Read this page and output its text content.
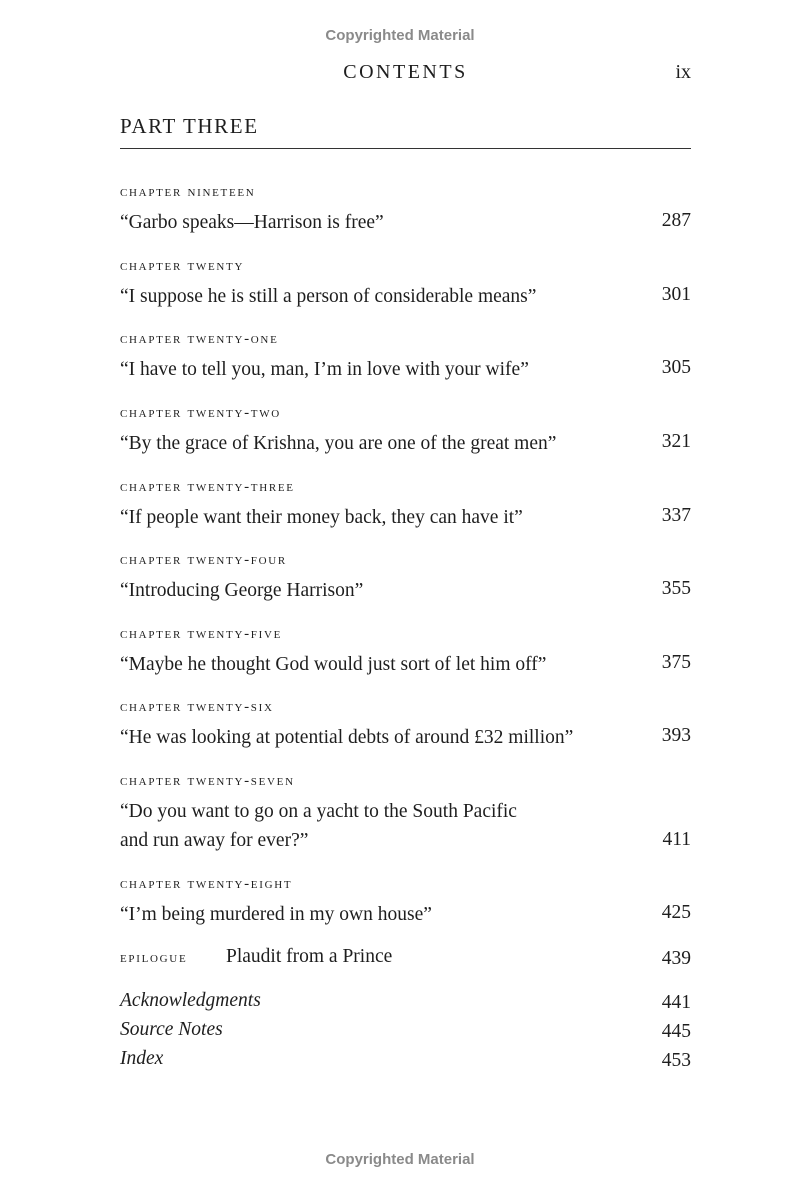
Copyrighted Material
CONTENTS	ix
PART THREE
chapter nineteen
“Garbo speaks—Harrison is free”	287
chapter twenty
“I suppose he is still a person of considerable means”	301
chapter twenty-one
“I have to tell you, man, I’m in love with your wife”	305
chapter twenty-two
“By the grace of Krishna, you are one of the great men”	321
chapter twenty-three
“If people want their money back, they can have it”	337
chapter twenty-four
“Introducing George Harrison”	355
chapter twenty-five
“Maybe he thought God would just sort of let him off”	375
chapter twenty-six
“He was looking at potential debts of around £32 million”	393
chapter twenty-seven
“Do you want to go on a yacht to the South Pacific
and run away for ever?”	411
chapter twenty-eight
“I’m being murdered in my own house”	425
epilogue Plaudit from a Prince	439
Acknowledgments	441
Source Notes	445
Index	453
Copyrighted Material
